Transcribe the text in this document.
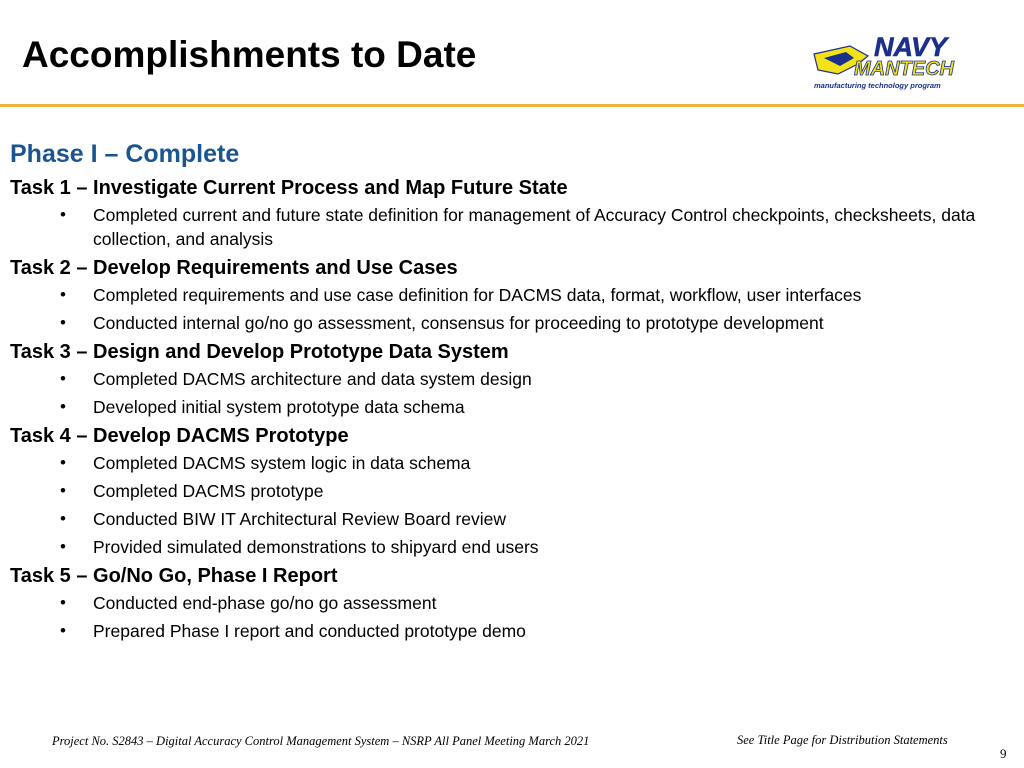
Accomplishments to Date	NAVY
MANTECH
manufacturing technology program
Phase I – Complete
Task 1 – Investigate Current Process and Map Future State
• Completed current and future state definition for management of Accuracy Control checkpoints, checksheets, data collection, and analysis
Task 2 – Develop Requirements and Use Cases
• Completed requirements and use case definition for DACMS data, format, workflow, user interfaces
• Conducted internal go/no go assessment, consensus for proceeding to prototype development
Task 3 – Design and Develop Prototype Data System
• Completed DACMS architecture and data system design
• Developed initial system prototype data schema
Task 4 – Develop DACMS Prototype
• Completed DACMS system logic in data schema
• Completed DACMS prototype
• Conducted BIW IT Architectural Review Board review
• Provided simulated demonstrations to shipyard end users
Task 5 – Go/No Go, Phase I Report
• Conducted end-phase go/no go assessment
• Prepared Phase I report and conducted prototype demo
Project No. S2843 – Digital Accuracy Control Management System – NSRP All Panel Meeting March 2021	See Title Page for Distribution Statements
9
